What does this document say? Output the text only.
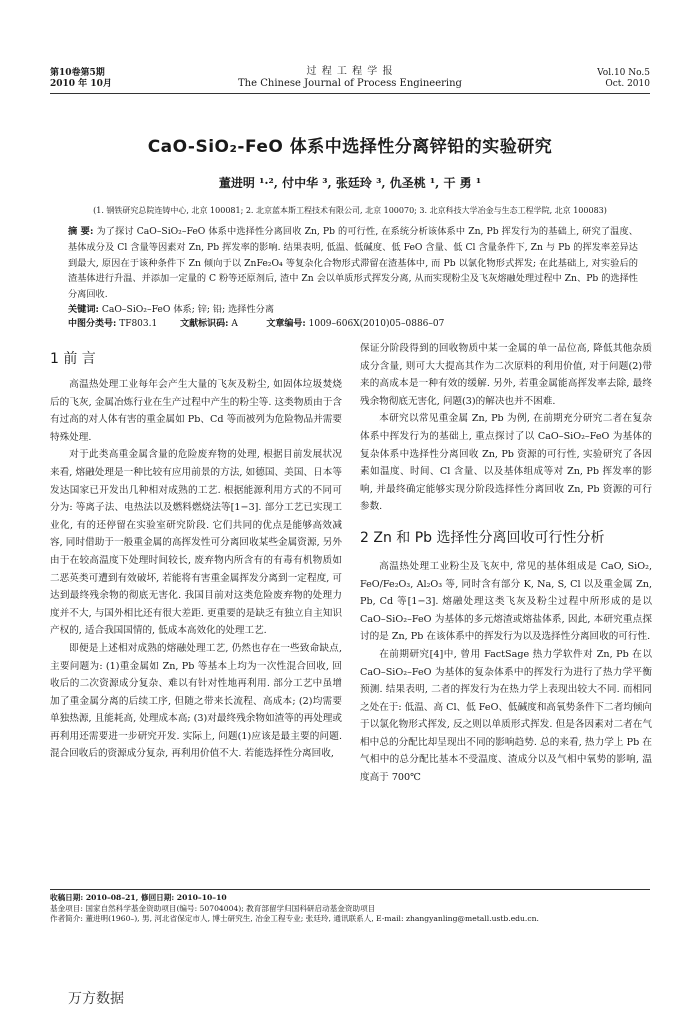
第10卷第5期
2010 年 10月
过 程 工 程 学 报
The Chinese Journal of Process Engineering
Vol.10 No.5
Oct. 2010
CaO-SiO₂-FeO 体系中选择性分离锌铅的实验研究
董进明 ¹·², 付中华 ³, 张廷玲 ³, 仇圣桃 ¹, 干 勇 ¹
(1. 钢铁研究总院连铸中心, 北京 100081; 2. 北京蓝本斯工程技术有限公司, 北京 100070; 3. 北京科技大学冶金与生态工程学院, 北京 100083)
摘 要: 为了探讨 CaO–SiO₂–FeO 体系中选择性分离回收 Zn, Pb 的可行性, 在系统分析该体系中 Zn, Pb 挥发行为的基础上, 研究了温度、基体成分及 Cl 含量等因素对 Zn, Pb 挥发率的影响. 结果表明, 低温、低碱度、低 FeO 含量、低 Cl 含量条件下, Zn 与 Pb 的挥发率差异达到最大, 原因在于该种条件下 Zn 倾向于以 ZnFe₂O₄ 等复杂化合物形式滞留在渣基体中, 而 Pb 以氯化物形式挥发; 在此基础上, 对实验后的渣基体进行升温、并添加一定量的 C 粉等还原剂后, 渣中 Zn 会以单质形式挥发分离, 从而实现粉尘及飞灰熔融处理过程中 Zn、Pb 的选择性分离回收.
关键词: CaO–SiO₂–FeO 体系; 锌; 铅; 选择性分离
中图分类号: TF803.1	文献标识码: A	文章编号: 1009–606X(2010)05–0886–07
1 前 言

高温热处理工业每年会产生大量的飞灰及粉尘, 如固体垃圾焚烧后的飞灰, 金属冶炼行业在生产过程中产生的粉尘等. 这类物质由于含有过高的对人体有害的重金属如 Pb、Cd 等而被列为危险物品并需要特殊处理.

对于此类高重金属含量的危险废弃物的处理, 根据目前发展状况来看, 熔融处理是一种比较有应用前景的方法, 如德国、美国、日本等发达国家已开发出几种相对成熟的工艺. 根据能源利用方式的不同可分为: 等离子法、电热法以及燃料燃烧法等[1−3]. 部分工艺已实现工业化, 有的还停留在实验室研究阶段. 它们共同的优点是能够高效减容, 同时借助于一般重金属的高挥发性可分离回收某些金属资源, 另外由于在较高温度下处理时间较长, 废弃物内所含有的有毒有机物质如二恶英类可遭到有效破坏, 若能将有害重金属挥发分离到一定程度, 可达到最终残余物的彻底无害化. 我国目前对这类危险废弃物的处理力度并不大, 与国外相比还有很大差距. 更重要的是缺乏有独立自主知识产权的, 适合我国国情的, 低成本高效化的处理工艺.

即便是上述相对成熟的熔融处理工艺, 仍然也存在一些致命缺点, 主要问题为: (1)重金属如 Zn, Pb 等基本上均为一次性混合回收, 回收后的二次资源成分复杂、难以有针对性地再利用. 部分工艺中虽增加了重金属分离的后续工序, 但随之带来长流程、高成本; (2)均需要单独热源, 且能耗高, 处理成本高; (3)对最终残余物如渣等的再处理或再利用还需要进一步研究开发. 实际上, 问题(1)应该是最主要的问题. 混合回收后的资源成分复杂, 再利用价值不大. 若能选择性分离回收,

保证分阶段得到的回收物质中某一金属的单一品位高, 降低其他杂质成分含量, 则可大大提高其作为二次原料的利用价值, 对于问题(2)带来的高成本是一种有效的缓解. 另外, 若重金属能高挥发率去除, 最终残余物彻底无害化, 问题(3)的解决也并不困难.

本研究以常见重金属 Zn, Pb 为例, 在前期充分研究二者在复杂体系中挥发行为的基础上, 重点探讨了以 CaO–SiO₂–FeO 为基体的复杂体系中选择性分离回收 Zn, Pb 资源的可行性, 实验研究了各因素如温度、时间、Cl 含量、以及基体组成等对 Zn, Pb 挥发率的影响, 并最终确定能够实现分阶段选择性分离回收 Zn, Pb 资源的可行参数.

2 Zn 和 Pb 选择性分离回收可行性分析

高温热处理工业粉尘及飞灰中, 常见的基体组成是 CaO, SiO₂, FeO/Fe₂O₃, Al₂O₃ 等, 同时含有部分 K, Na, S, Cl 以及重金属 Zn, Pb, Cd 等[1−3]. 熔融处理这类飞灰及粉尘过程中所形成的是以 CaO–SiO₂–FeO 为基体的多元熔渣或熔盐体系, 因此, 本研究重点探讨的是 Zn, Pb 在该体系中的挥发行为以及选择性分离回收的可行性.

在前期研究[4]中, 曾用 FactSage 热力学软件对 Zn, Pb 在以 CaO–SiO₂–FeO 为基体的复杂体系中的挥发行为进行了热力学平衡预测. 结果表明, 二者的挥发行为在热力学上表现出较大不同. 而相同之处在于: 低温、高 Cl、低 FeO、低碱度和高氧势条件下二者均倾向于以氯化物形式挥发, 反之则以单质形式挥发. 但是各因素对二者在气相中总的分配比却呈现出不同的影响趋势. 总的来看, 热力学上 Pb 在气相中的总分配比基本不受温度、渣成分以及气相中氧势的影响, 温度高于 700℃

收稿日期: 2010–08–21, 修回日期: 2010–10–10
基金项目: 国家自然科学基金资助项目(编号: 50704004); 教育部留学归国科研启动基金资助项目
作者简介: 董进明(1960–), 男, 河北省保定市人, 博士研究生, 冶金工程专业; 张廷玲, 通讯联系人, E-mail: zhangyanling@metall.ustb.edu.cn.
万方数据
